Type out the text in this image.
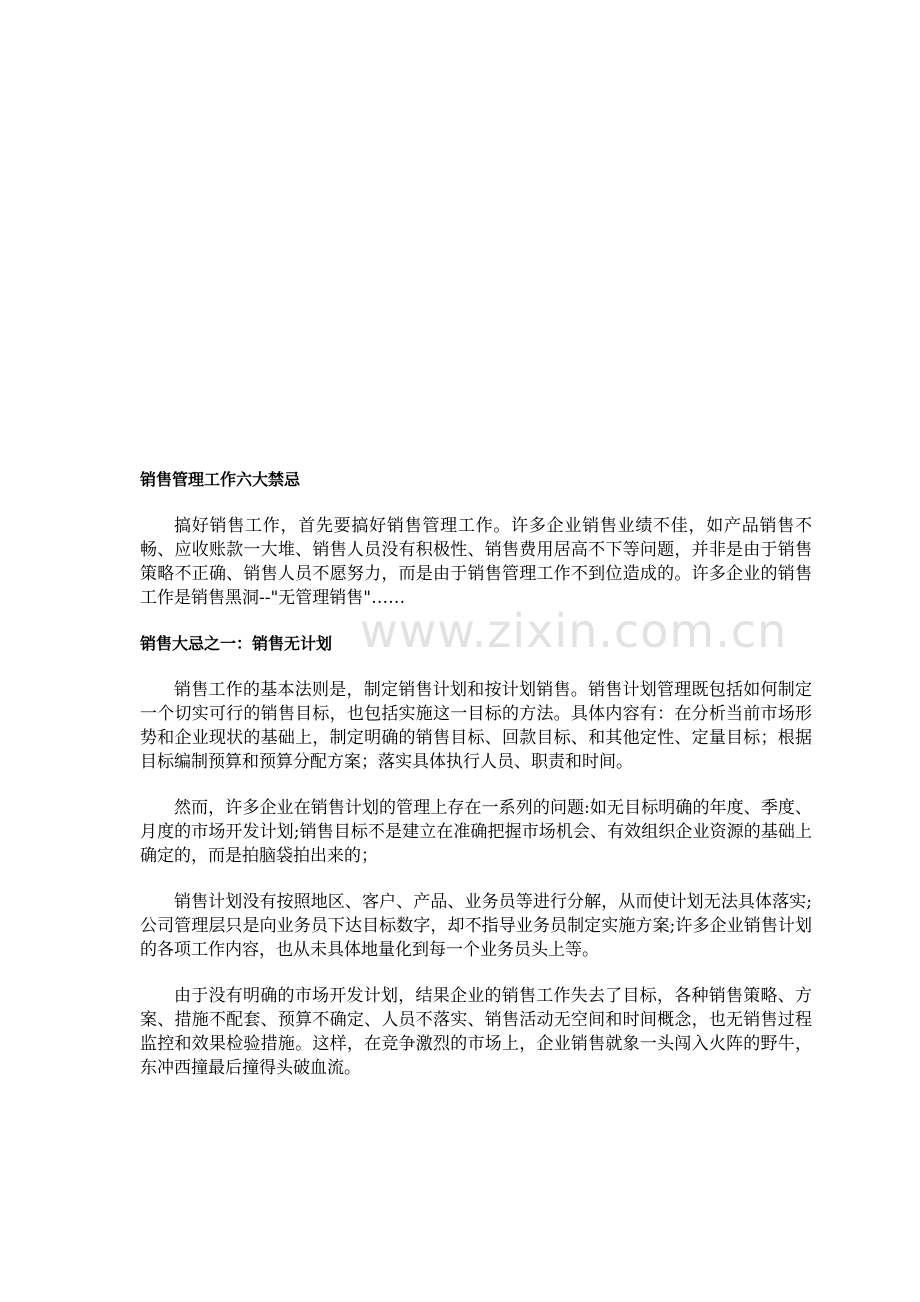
www.zixin.com.cn

销售管理工作六大禁忌

搞好销售工作，首先要搞好销售管理工作。许多企业销售业绩不佳，如产品销售不畅、应收账款一大堆、销售人员没有积极性、销售费用居高不下等问题，并非是由于销售策略不正确、销售人员不愿努力，而是由于销售管理工作不到位造成的。许多企业的销售工作是销售黑洞--"无管理销售"……

销售大忌之一：销售无计划

销售工作的基本法则是，制定销售计划和按计划销售。销售计划管理既包括如何制定一个切实可行的销售目标，也包括实施这一目标的方法。具体内容有：在分析当前市场形势和企业现状的基础上，制定明确的销售目标、回款目标、和其他定性、定量目标；根据目标编制预算和预算分配方案；落实具体执行人员、职责和时间。

然而，许多企业在销售计划的管理上存在一系列的问题:如无目标明确的年度、季度、月度的市场开发计划;销售目标不是建立在准确把握市场机会、有效组织企业资源的基础上确定的，而是拍脑袋拍出来的；

销售计划没有按照地区、客户、产品、业务员等进行分解，从而使计划无法具体落实;公司管理层只是向业务员下达目标数字，却不指导业务员制定实施方案;许多企业销售计划的各项工作内容，也从未具体地量化到每一个业务员头上等。

由于没有明确的市场开发计划，结果企业的销售工作失去了目标，各种销售策略、方案、措施不配套、预算不确定、人员不落实、销售活动无空间和时间概念，也无销售过程监控和效果检验措施。这样，在竞争激烈的市场上，企业销售就象一头闯入火阵的野牛，东冲西撞最后撞得头破血流。
